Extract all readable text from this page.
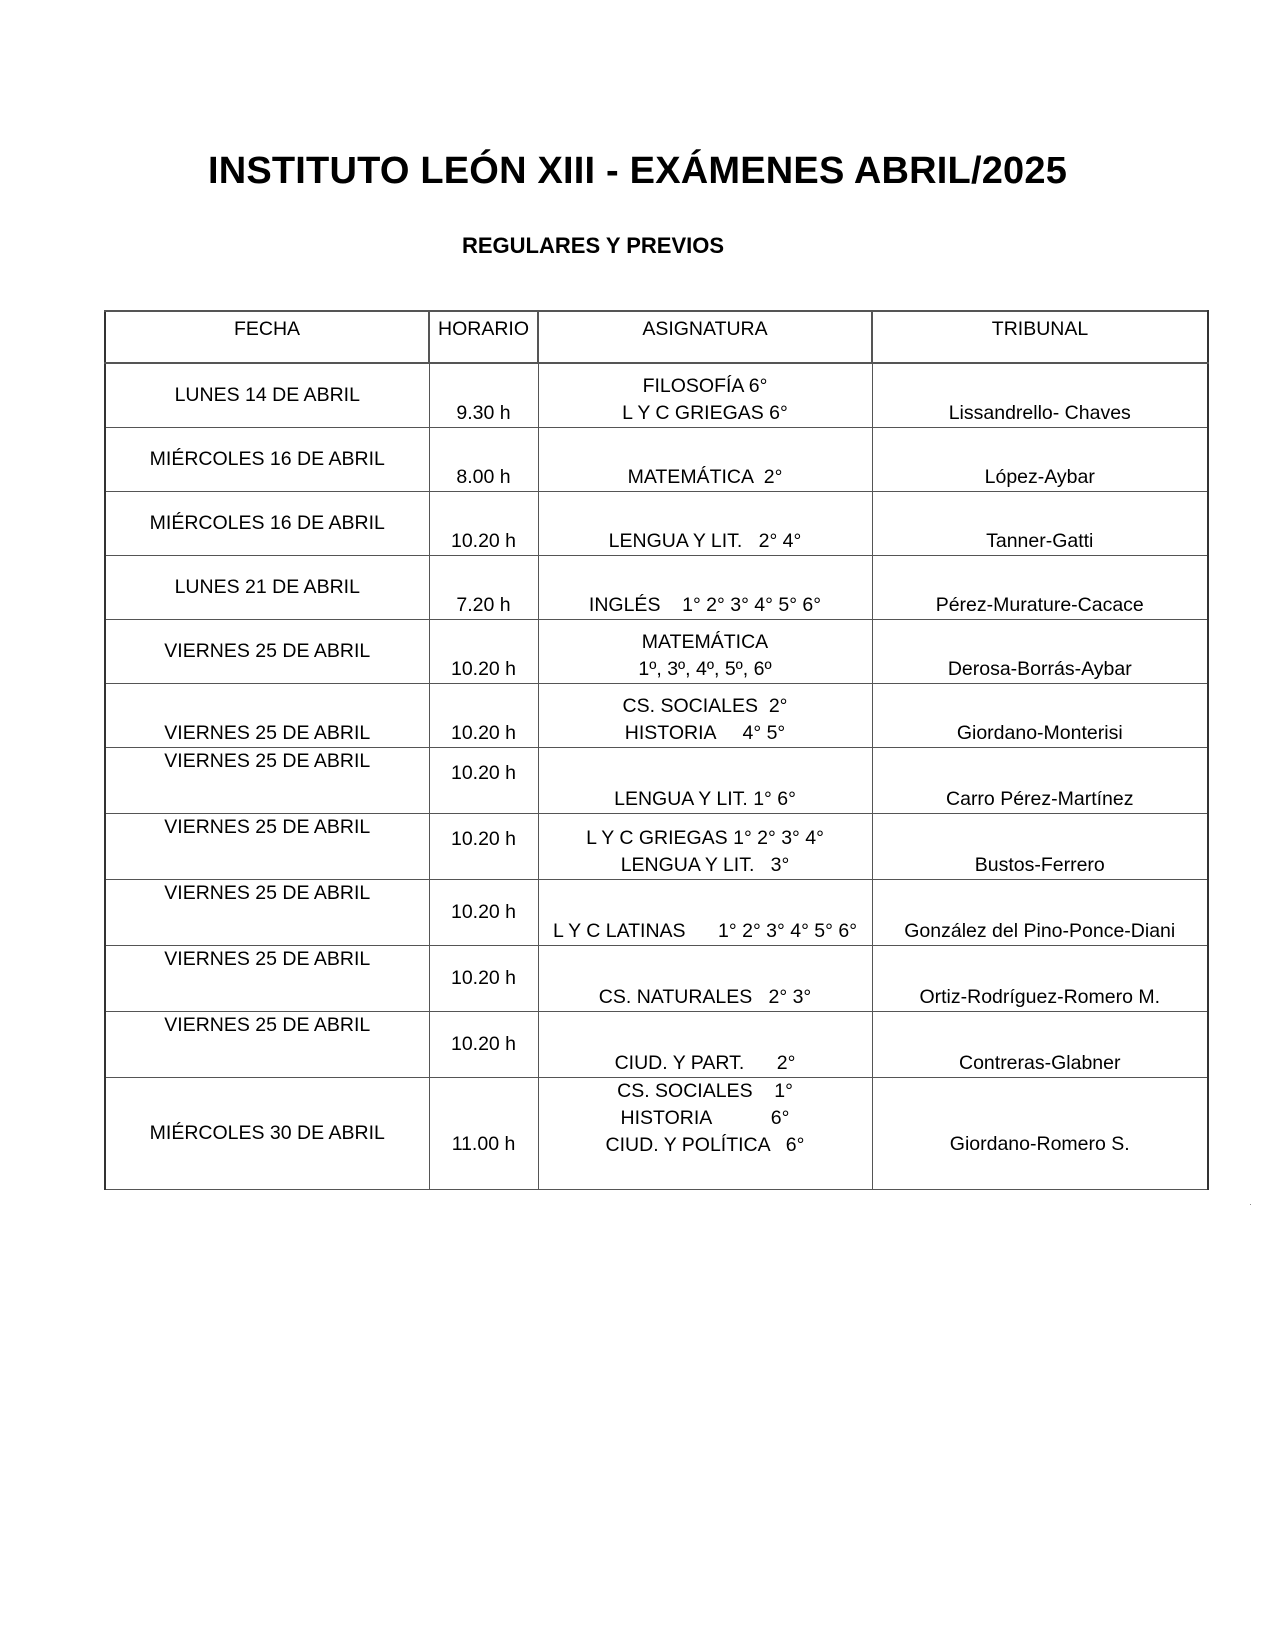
INSTITUTO LEÓN XIII - EXÁMENES ABRIL/2025
REGULARES Y PREVIOS
FECHA	HORARIO	ASIGNATURA	TRIBUNAL
LUNES 14 DE ABRIL	9.30 h	FILOSOFÍA 6°
L Y C GRIEGAS 6°	Lissandrello- Chaves
MIÉRCOLES 16 DE ABRIL	8.00 h	MATEMÁTICA  2°	López-Aybar
MIÉRCOLES 16 DE ABRIL	10.20 h	LENGUA Y LIT.   2° 4°	Tanner-Gatti
LUNES 21 DE ABRIL	7.20 h	INGLÉS    1° 2° 3° 4° 5° 6°	Pérez-Murature-Cacace
VIERNES 25 DE ABRIL	10.20 h	MATEMÁTICA
1º, 3º, 4º, 5º, 6º	Derosa-Borrás-Aybar
VIERNES 25 DE ABRIL	10.20 h	CS. SOCIALES  2°
HISTORIA     4° 5°	Giordano-Monterisi
VIERNES 25 DE ABRIL	10.20 h	LENGUA Y LIT. 1° 6°	Carro Pérez-Martínez
VIERNES 25 DE ABRIL	10.20 h	L Y C GRIEGAS 1° 2° 3° 4°
LENGUA Y LIT.   3°	Bustos-Ferrero
VIERNES 25 DE ABRIL	10.20 h	L Y C LATINAS      1° 2° 3° 4° 5° 6°	González del Pino-Ponce-Diani
VIERNES 25 DE ABRIL	10.20 h	CS. NATURALES   2° 3°	Ortiz-Rodríguez-Romero M.
VIERNES 25 DE ABRIL	10.20 h	CIUD. Y PART.      2°	Contreras-Glabner
MIÉRCOLES 30 DE ABRIL	11.00 h	CS. SOCIALES    1°
HISTORIA           6°
CIUD. Y POLÍTICA   6°	Giordano-Romero S.
